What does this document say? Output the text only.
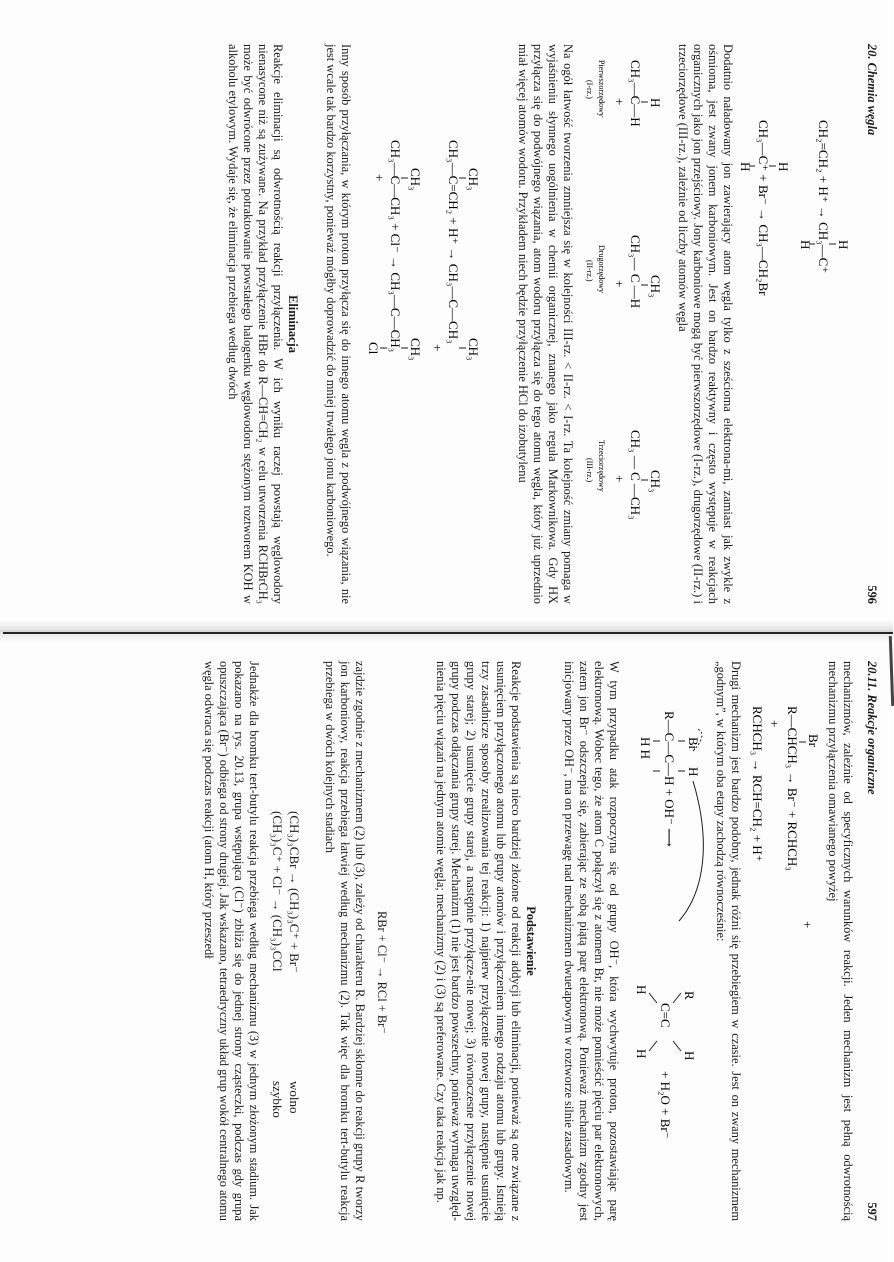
20. Chemia węgla
596
H
CH₂=CH₂ + H⁺ → CH₃—C⁺
H
H
CH₃—C⁺ + Br⁻ → CH₃—CH₂Br
H
Dodatnio naładowany jon zawierający atom węgla tylko z sześcioma elektrona-mi, zamiast jak zwykle z ośmioma, jest zwany jonem karboniowym. Jest on bardzo reaktywny i często występuje w reakcjach organicznych jako jon przejściowy. Jony karboniowe mogą być pierwszorzędowe (I-rz.), drugorzędowe (II-rz.) i trzeciorzędowe (III-rz.), zależnie od liczby atomów węgla
H
CH₃—C—H
+
Pierwszorzędowy
(I-rz.)
CH₃
CH₃— C —H
+
Drugorzędowy
(II-rz.)
CH₃
CH₃ — C —CH₃
+
Trzeciorzędowy
(III-rz.)
Na ogół łatwość tworzenia zmniejsza się w kolejności III-rz. < II-rz. < I-rz. Ta kolejność zmiany pomaga w wyjaśnieniu słynnego uogólnienia w chemii organicznej, znanego jako reguła Markownikowa. Gdy HX przyłącza się do podwójnego wiązania, atom wodoru przyłącza się do tego atomu węgla, który już uprzednio miał więcej atomów wodoru. Przykładem niech będzie przyłączenie HCl do izobutylenu
CH₃
CH₃
CH₃—C=CH₂ + H⁺ → CH₃—C—CH₃
+
CH₃
CH₃
CH₃—C—CH₃ + Cl⁻ → CH₃—C—CH₃
+
Cl
Inny sposób przyłączania, w którym proton przyłącza się do innego atomu węgla z podwójnego wiązania, nie jest wcale tak bardzo korzystny, ponieważ mógłby doprowadzić do mniej trwałego jonu karboniowego.
Eliminacja
Reakcje eliminacji są odwrotnością reakcji przyłączenia. W ich wyniku raczej powstają węglowodory nienasycone niż są zużywane. Na przykład przyłączenie HBr do R—CH=CH₂ w celu utworzenia RCHBrCH₃ może być odwrócone przez potraktowanie powstałego halogenku węglowodoru stężonym roztworem KOH w alkoholu etylowym. Wydaje się, że eliminacja przebiega według dwóch
20.11. Reakcje organiczne
597
mechanizmów, zależnie od specyficznych warunków reakcji. Jeden mechanizm jest pełną odwrotnością mechanizmu przyłączenia omawianego powyżej
Br
+
R—CHCH₃ → Br⁻ + RCHCH₃
+
RCHCH₃ → RCH=CH₂ + H⁺
Drugi mechanizm jest bardzo podobny, jednak różni się przebiegiem w czasie. Jest on zwany mechanizmem „godnym”, w którym oba etapy zachodzą równocześnie:
Br
H
R—C—C—H + OH⁻ ⟶
H H
R
H
C=C
H
H
+ H₂O + Br⁻
W tym przypadku atak rozpoczyna się od grupy OH⁻, która wychwytuje proton, pozostawiając parę elektronową. Wobec tego, że atom C połączył się z atomem Br, nie może pomieścić pięciu par elektronowych, zatem jon Br⁻ odszczepia się, zabierając ze sobą piątą parę elektronową. Ponieważ mechanizm zgodny jest inicjowany przez OH⁻, ma on przewagę nad mechanizmem dwuetapowym w roztworze silnie zasadowym.
Podstawienie
Reakcje podstawienia są nieco bardziej złożone od reakcji addycji lub eliminacji, ponieważ są one związane z usunięciem przyłączonego atomu lub grupy atomów i przyłączeniem innego rodzaju atomu lub grupy. Istnieją trzy zasadnicze sposoby zrealizowania tej reakcji: 1) najpierw przyłączenie nowej grupy, następnie usunięcie grupy starej; 2) usunięcie grupy starej, a następnie przyłącze-nie nowej; 3) równoczesne przyłączenie nowej grupy podczas odłączania grupy starej. Mechanizm (1) nie jest bardzo powszechny, ponieważ wymaga uwzględ-nienia pięciu wiązań na jednym atomie węgla; mechanizmy (2) i (3) są preferowane. Czy taka reakcja jak np.
RBr + Cl⁻ → RCl + Br⁻
zajdzie zgodnie z mechanizmem (2) lub (3), zależy od charakteru R. Bardziej skłonne do reakcji grupy R tworzy jon karboniowy, reakcja przebiega łatwiej według mechanizmu (2). Tak więc dla bromku tert-butylu reakcja przebiega w dwóch kolejnych stadiach
(CH₃)₃CBr → (CH₃)₃C⁺ + Br⁻
wolno
(CH₃)₃C⁺ + Cl⁻ → (CH₃)₃CCl
szybko
Jednakże dla bromku tert-butylu reakcja przebiega według mechanizmu (3) w jednym złożonym stadium. Jak pokazano na rys. 20.13, grupa wstępująca (Cl⁻) zbliża się do jednej strony cząsteczki, podczas gdy grupa opuszczająca (Br⁻) odbiega od strony drugiej. Jak wskazano, tetraedryczny układ grup wokół centralnego atomu węgla odwraca się podczas reakcji (atom H, który przeszedł
